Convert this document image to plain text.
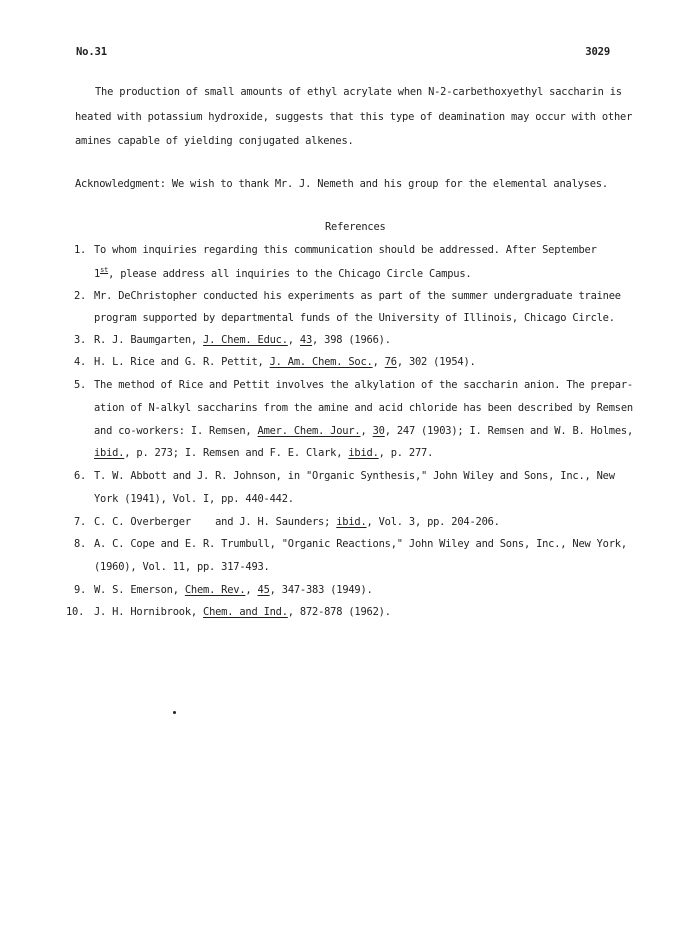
No.31	3029
The production of small amounts of ethyl acrylate when N-2-carbethoxyethyl saccharin is
heated with potassium hydroxide, suggests that this type of deamination may occur with other
amines capable of yielding conjugated alkenes.
Acknowledgment: We wish to thank Mr. J. Nemeth and his group for the elemental analyses.
References
1. To whom inquiries regarding this communication should be addressed. After September
1st, please address all inquiries to the Chicago Circle Campus.
2. Mr. DeChristopher conducted his experiments as part of the summer undergraduate trainee
program supported by departmental funds of the University of Illinois, Chicago Circle.
3. R. J. Baumgarten, J. Chem. Educ., 43, 398 (1966).
4. H. L. Rice and G. R. Pettit, J. Am. Chem. Soc., 76, 302 (1954).
5. The method of Rice and Pettit involves the alkylation of the saccharin anion. The prepar-
ation of N-alkyl saccharins from the amine and acid chloride has been described by Remsen
and co-workers: I. Remsen, Amer. Chem. Jour., 30, 247 (1903); I. Remsen and W. B. Holmes,
ibid., p. 273; I. Remsen and F. E. Clark, ibid., p. 277.
6. T. W. Abbott and J. R. Johnson, in "Organic Synthesis," John Wiley and Sons, Inc., New
York (1941), Vol. I, pp. 440-442.
7. C. C. Overberger    and J. H. Saunders; ibid., Vol. 3, pp. 204-206.
8. A. C. Cope and E. R. Trumbull, "Organic Reactions," John Wiley and Sons, Inc., New York,
(1960), Vol. 11, pp. 317-493.
9. W. S. Emerson, Chem. Rev., 45, 347-383 (1949).
10. J. H. Hornibrook, Chem. and Ind., 872-878 (1962).
